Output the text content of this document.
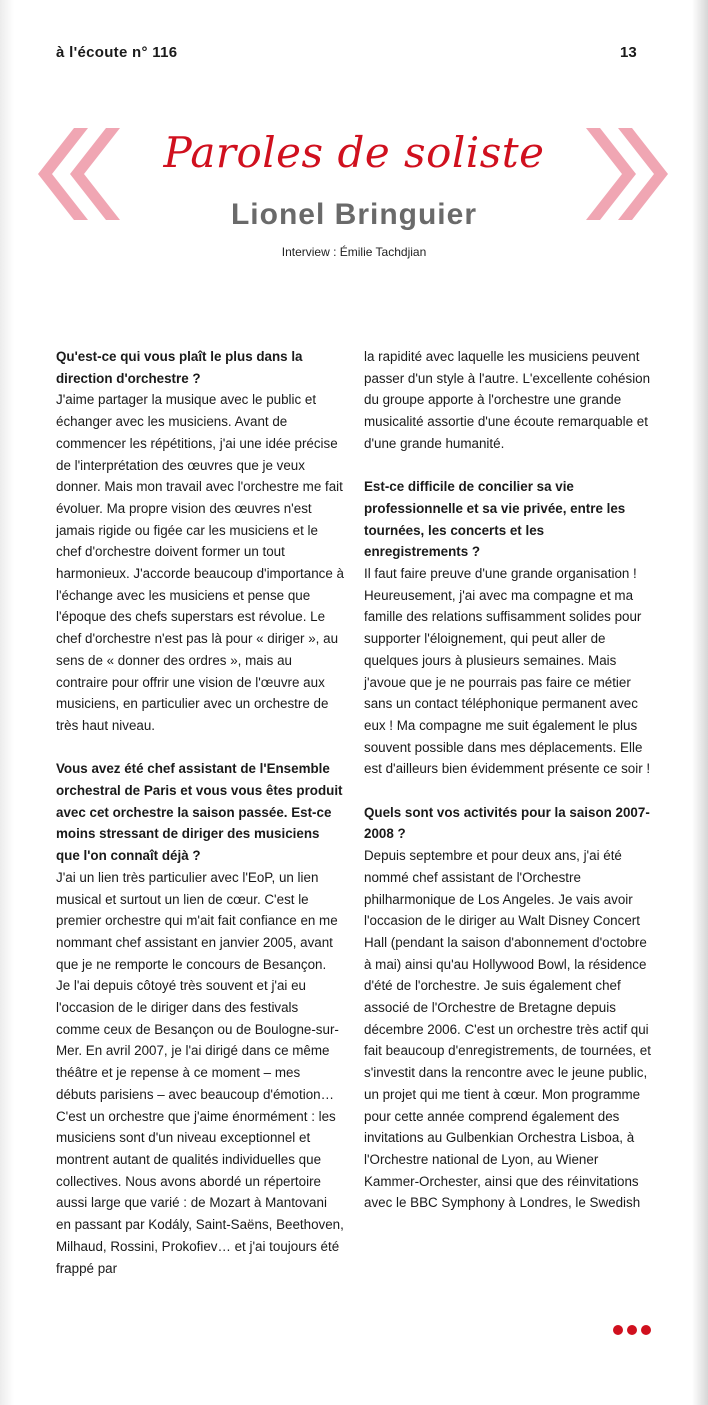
à l'écoute n° 116	13
Paroles de soliste
Lionel Bringuier
Interview : Émilie Tachdjian

Qu'est-ce qui vous plaît le plus dans la direction d'orchestre ?

J'aime partager la musique avec le public et échanger avec les musiciens. Avant de commencer les répétitions, j'ai une idée précise de l'interprétation des œuvres que je veux donner. Mais mon travail avec l'orchestre me fait évoluer. Ma propre vision des œuvres n'est jamais rigide ou figée car les musiciens et le chef d'orchestre doivent former un tout harmonieux. J'accorde beaucoup d'importance à l'échange avec les musiciens et pense que l'époque des chefs superstars est révolue. Le chef d'orchestre n'est pas là pour « diriger », au sens de « donner des ordres », mais au contraire pour offrir une vision de l'œuvre aux musiciens, en particulier avec un orchestre de très haut niveau.

Vous avez été chef assistant de l'Ensemble orchestral de Paris et vous vous êtes produit avec cet orchestre la saison passée. Est-ce moins stressant de diriger des musiciens que l'on connaît déjà ?

J'ai un lien très particulier avec l'EoP, un lien musical et surtout un lien de cœur. C'est le premier orchestre qui m'ait fait confiance en me nommant chef assistant en janvier 2005, avant que je ne remporte le concours de Besançon. Je l'ai depuis côtoyé très souvent et j'ai eu l'occasion de le diriger dans des festivals comme ceux de Besançon ou de Boulogne-sur-Mer. En avril 2007, je l'ai dirigé dans ce même théâtre et je repense à ce moment – mes débuts parisiens – avec beaucoup d'émotion… C'est un orchestre que j'aime énormément : les musiciens sont d'un niveau exceptionnel et montrent autant de qualités individuelles que collectives. Nous avons abordé un répertoire aussi large que varié : de Mozart à Mantovani en passant par Kodály, Saint-Saëns, Beethoven, Milhaud, Rossini, Prokofiev… et j'ai toujours été frappé par

la rapidité avec laquelle les musiciens peuvent passer d'un style à l'autre. L'excellente cohésion du groupe apporte à l'orchestre une grande musicalité assortie d'une écoute remarquable et d'une grande humanité.

Est-ce difficile de concilier sa vie professionnelle et sa vie privée, entre les tournées, les concerts et les enregistrements ?

Il faut faire preuve d'une grande organisation ! Heureusement, j'ai avec ma compagne et ma famille des relations suffisamment solides pour supporter l'éloignement, qui peut aller de quelques jours à plusieurs semaines. Mais j'avoue que je ne pourrais pas faire ce métier sans un contact téléphonique permanent avec eux ! Ma compagne me suit également le plus souvent possible dans mes déplacements. Elle est d'ailleurs bien évidemment présente ce soir !

Quels sont vos activités pour la saison 2007-2008 ?

Depuis septembre et pour deux ans, j'ai été nommé chef assistant de l'Orchestre philharmonique de Los Angeles. Je vais avoir l'occasion de le diriger au Walt Disney Concert Hall (pendant la saison d'abonnement d'octobre à mai) ainsi qu'au Hollywood Bowl, la résidence d'été de l'orchestre. Je suis également chef associé de l'Orchestre de Bretagne depuis décembre 2006. C'est un orchestre très actif qui fait beaucoup d'enregistrements, de tournées, et s'investit dans la rencontre avec le jeune public, un projet qui me tient à cœur. Mon programme pour cette année comprend également des invitations au Gulbenkian Orchestra Lisboa, à l'Orchestre national de Lyon, au Wiener Kammer-Orchester, ainsi que des réinvitations avec le BBC Symphony à Londres, le Swedish
